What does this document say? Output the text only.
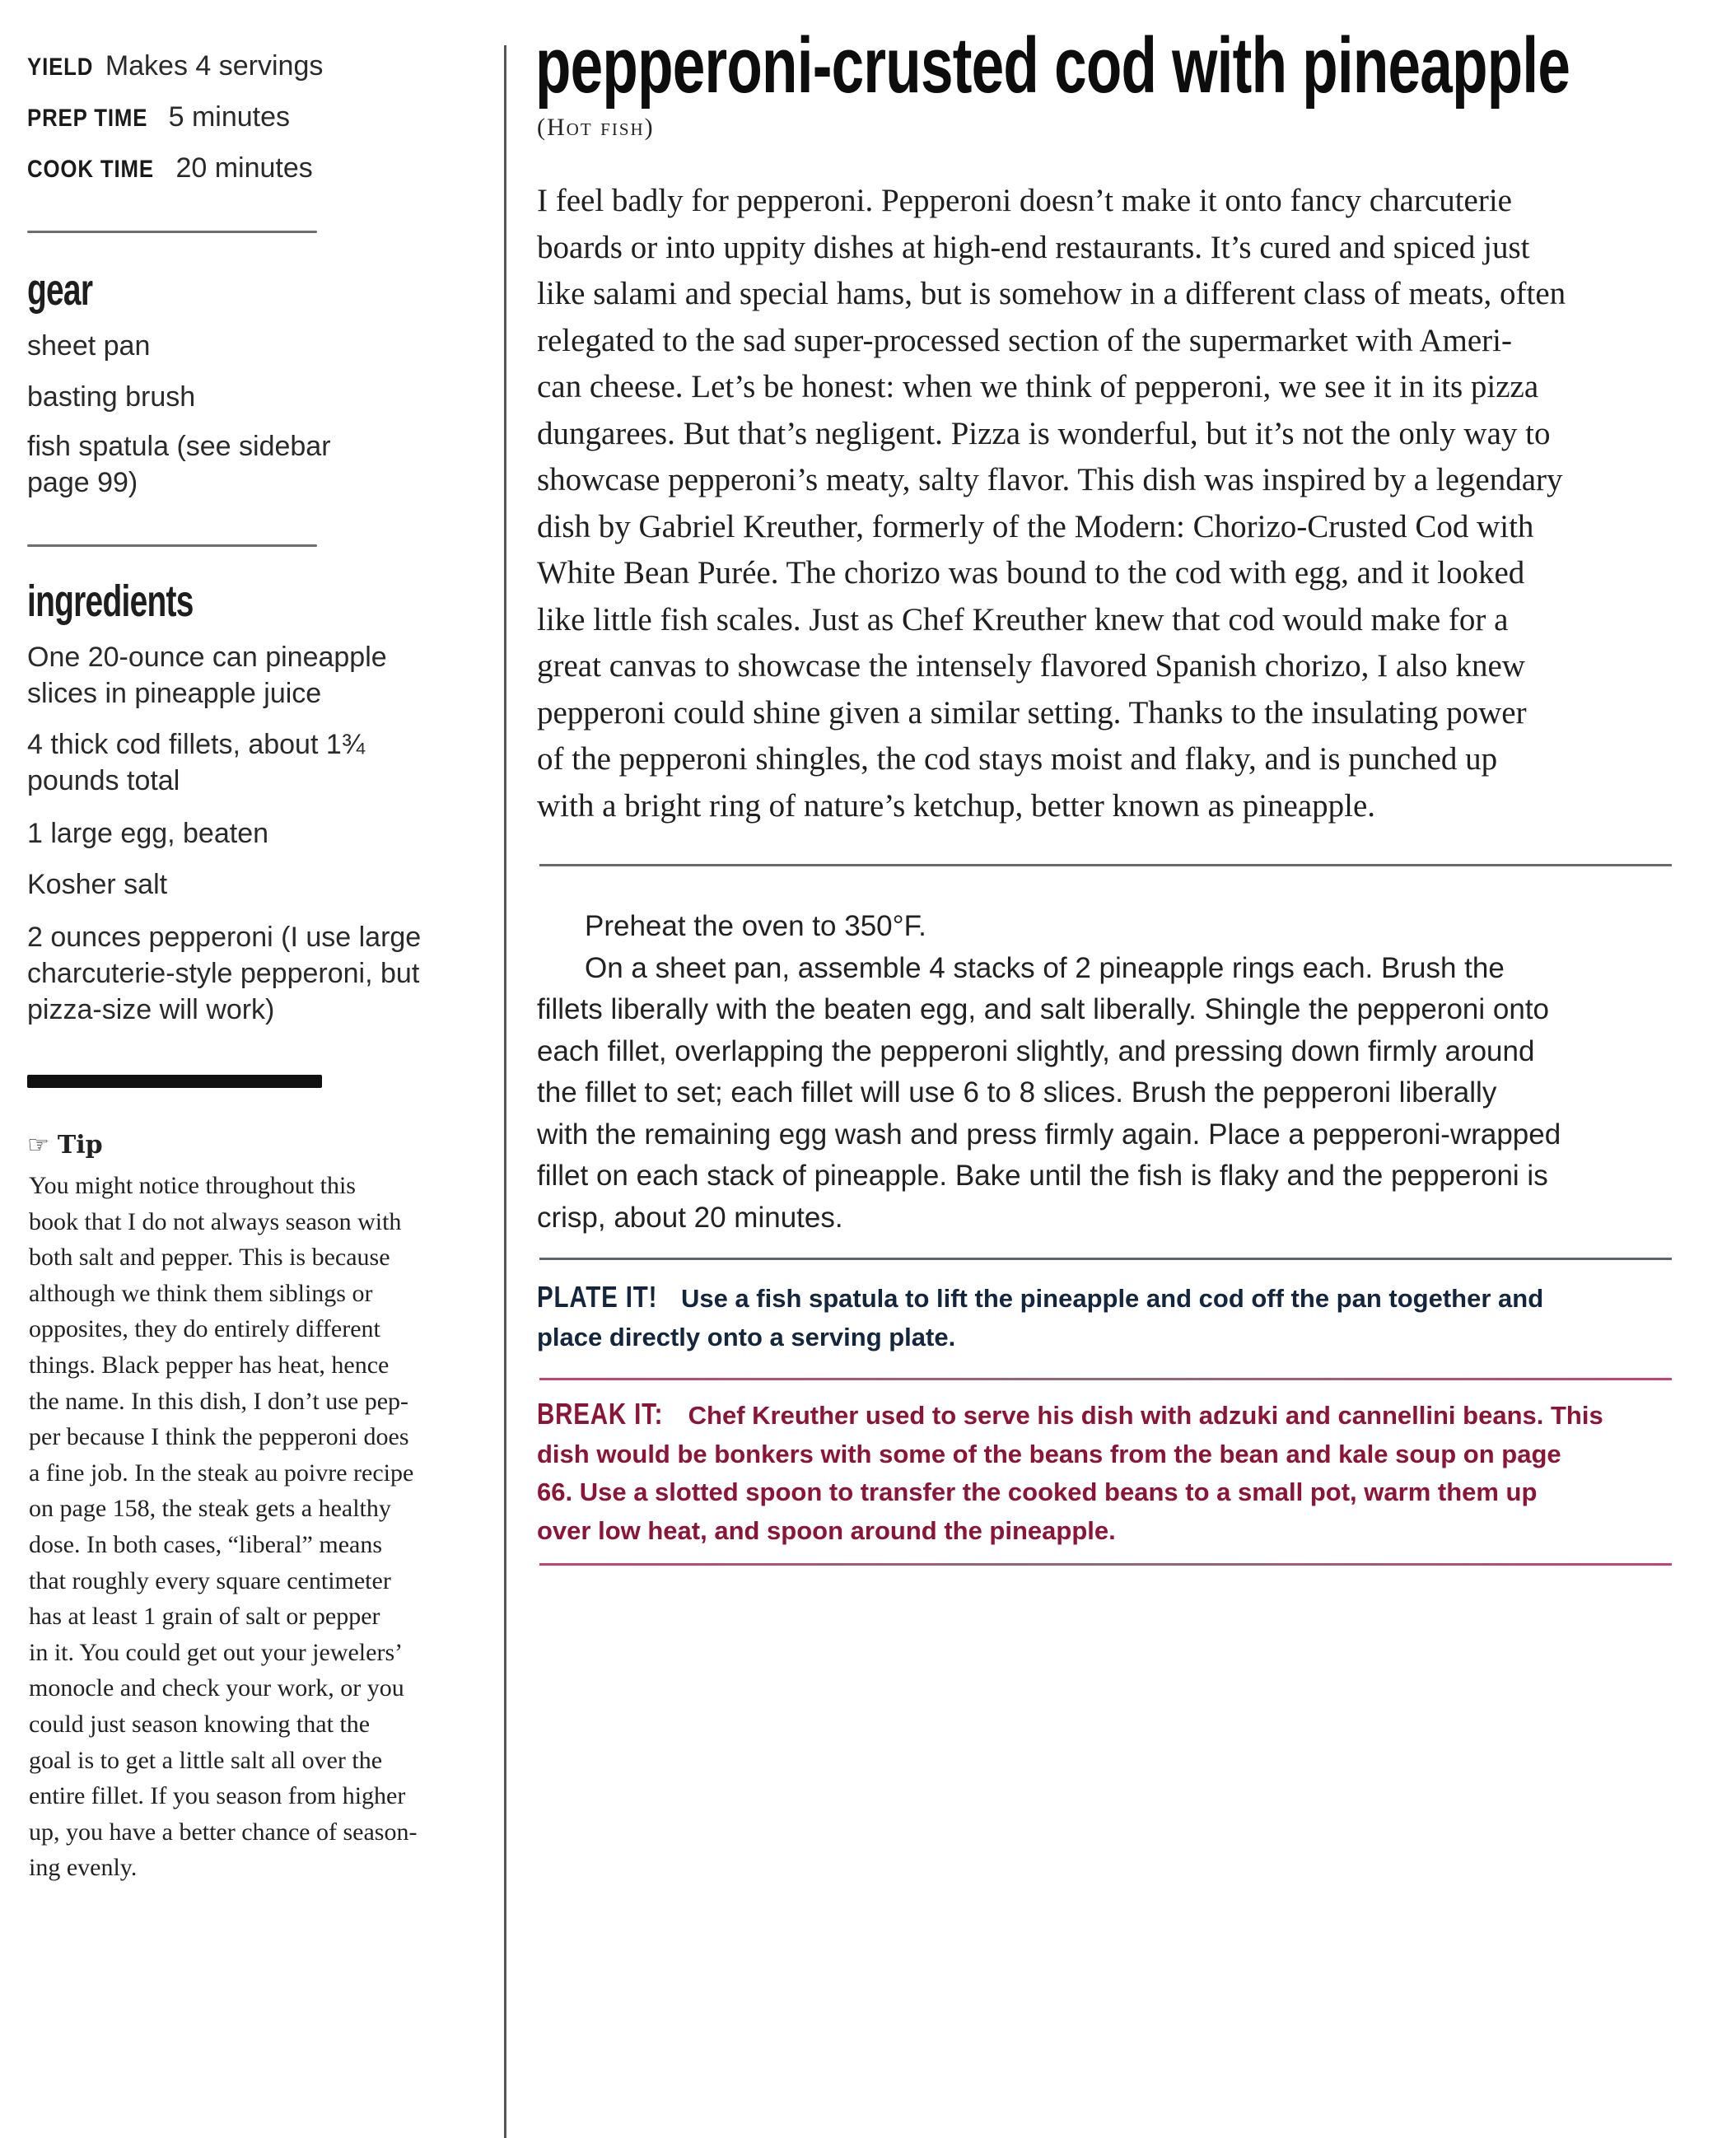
YIELD Makes 4 servings
PREP TIME 5 minutes
COOK TIME 20 minutes
gear
sheet pan
basting brush
fish spatula (see sidebar page 99)
ingredients
One 20-ounce can pineapple slices in pineapple juice
4 thick cod fillets, about 1¾ pounds total
1 large egg, beaten
Kosher salt
2 ounces pepperoni (I use large charcuterie-style pepperoni, but pizza-size will work)
☞ Tip
You might notice throughout this
book that I do not always season with
both salt and pepper. This is because
although we think them siblings or
opposites, they do entirely different
things. Black pepper has heat, hence
the name. In this dish, I don’t use pep-
per because I think the pepperoni does
a fine job. In the steak au poivre recipe
on page 158, the steak gets a healthy
dose. In both cases, “liberal” means
that roughly every square centimeter
has at least 1 grain of salt or pepper
in it. You could get out your jewelers’
monocle and check your work, or you
could just season knowing that the
goal is to get a little salt all over the
entire fillet. If you season from higher
up, you have a better chance of season-
ing evenly.
pepperoni-crusted cod with pineapple
(Hot fish)
I feel badly for pepperoni. Pepperoni doesn’t make it onto fancy charcuterie
boards or into uppity dishes at high-end restaurants. It’s cured and spiced just
like salami and special hams, but is somehow in a different class of meats, often
relegated to the sad super-processed section of the supermarket with Ameri-
can cheese. Let’s be honest: when we think of pepperoni, we see it in its pizza
dungarees. But that’s negligent. Pizza is wonderful, but it’s not the only way to
showcase pepperoni’s meaty, salty flavor. This dish was inspired by a legendary
dish by Gabriel Kreuther, formerly of the Modern: Chorizo-Crusted Cod with
White Bean Purée. The chorizo was bound to the cod with egg, and it looked
like little fish scales. Just as Chef Kreuther knew that cod would make for a
great canvas to showcase the intensely flavored Spanish chorizo, I also knew
pepperoni could shine given a similar setting. Thanks to the insulating power
of the pepperoni shingles, the cod stays moist and flaky, and is punched up
with a bright ring of nature’s ketchup, better known as pineapple.
Preheat the oven to 350°F.
On a sheet pan, assemble 4 stacks of 2 pineapple rings each. Brush the
fillets liberally with the beaten egg, and salt liberally. Shingle the pepperoni onto
each fillet, overlapping the pepperoni slightly, and pressing down firmly around
the fillet to set; each fillet will use 6 to 8 slices. Brush the pepperoni liberally
with the remaining egg wash and press firmly again. Place a pepperoni-wrapped
fillet on each stack of pineapple. Bake until the fish is flaky and the pepperoni is
crisp, about 20 minutes.
PLATE IT! Use a fish spatula to lift the pineapple and cod off the pan together and
place directly onto a serving plate.
BREAK IT: Chef Kreuther used to serve his dish with adzuki and cannellini beans. This
dish would be bonkers with some of the beans from the bean and kale soup on page
66. Use a slotted spoon to transfer the cooked beans to a small pot, warm them up
over low heat, and spoon around the pineapple.
